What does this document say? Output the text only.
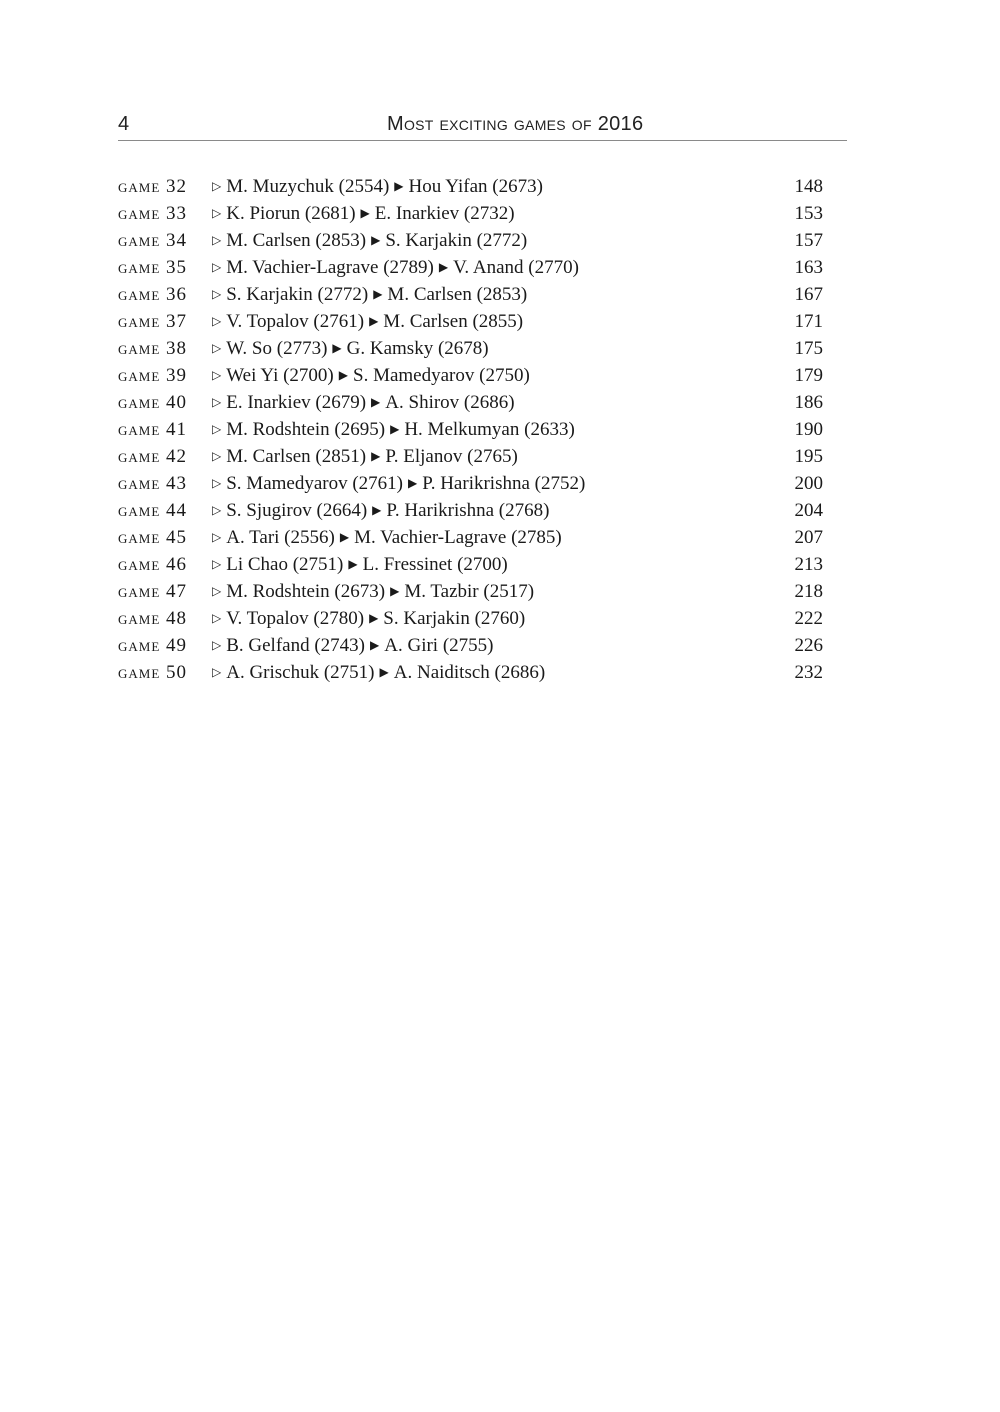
4	Most exciting games of 2016
game 32 ▷ M. Muzychuk (2554) ▶ Hou Yifan (2673)	148
game 33 ▷ K. Piorun (2681) ▶ E. Inarkiev (2732)	153
game 34 ▷ M. Carlsen (2853) ▶ S. Karjakin (2772)	157
game 35 ▷ M. Vachier-Lagrave (2789) ▶ V. Anand (2770)	163
game 36 ▷ S. Karjakin (2772) ▶ M. Carlsen (2853)	167
game 37 ▷ V. Topalov (2761) ▶ M. Carlsen (2855)	171
game 38 ▷ W. So (2773) ▶ G. Kamsky (2678)	175
game 39 ▷ Wei Yi (2700) ▶ S. Mamedyarov (2750)	179
game 40 ▷ E. Inarkiev (2679) ▶ A. Shirov (2686)	186
game 41 ▷ M. Rodshtein (2695) ▶ H. Melkumyan (2633)	190
game 42 ▷ M. Carlsen (2851) ▶ P. Eljanov (2765)	195
game 43 ▷ S. Mamedyarov (2761) ▶ P. Harikrishna (2752)	200
game 44 ▷ S. Sjugirov (2664) ▶ P. Harikrishna (2768)	204
game 45 ▷ A. Tari (2556) ▶ M. Vachier-Lagrave (2785)	207
game 46 ▷ Li Chao (2751) ▶ L. Fressinet (2700)	213
game 47 ▷ M. Rodshtein (2673) ▶ M. Tazbir (2517)	218
game 48 ▷ V. Topalov (2780) ▶ S. Karjakin (2760)	222
game 49 ▷ B. Gelfand (2743) ▶ A. Giri (2755)	226
game 50 ▷ A. Grischuk (2751) ▶ A. Naiditsch (2686)	232
